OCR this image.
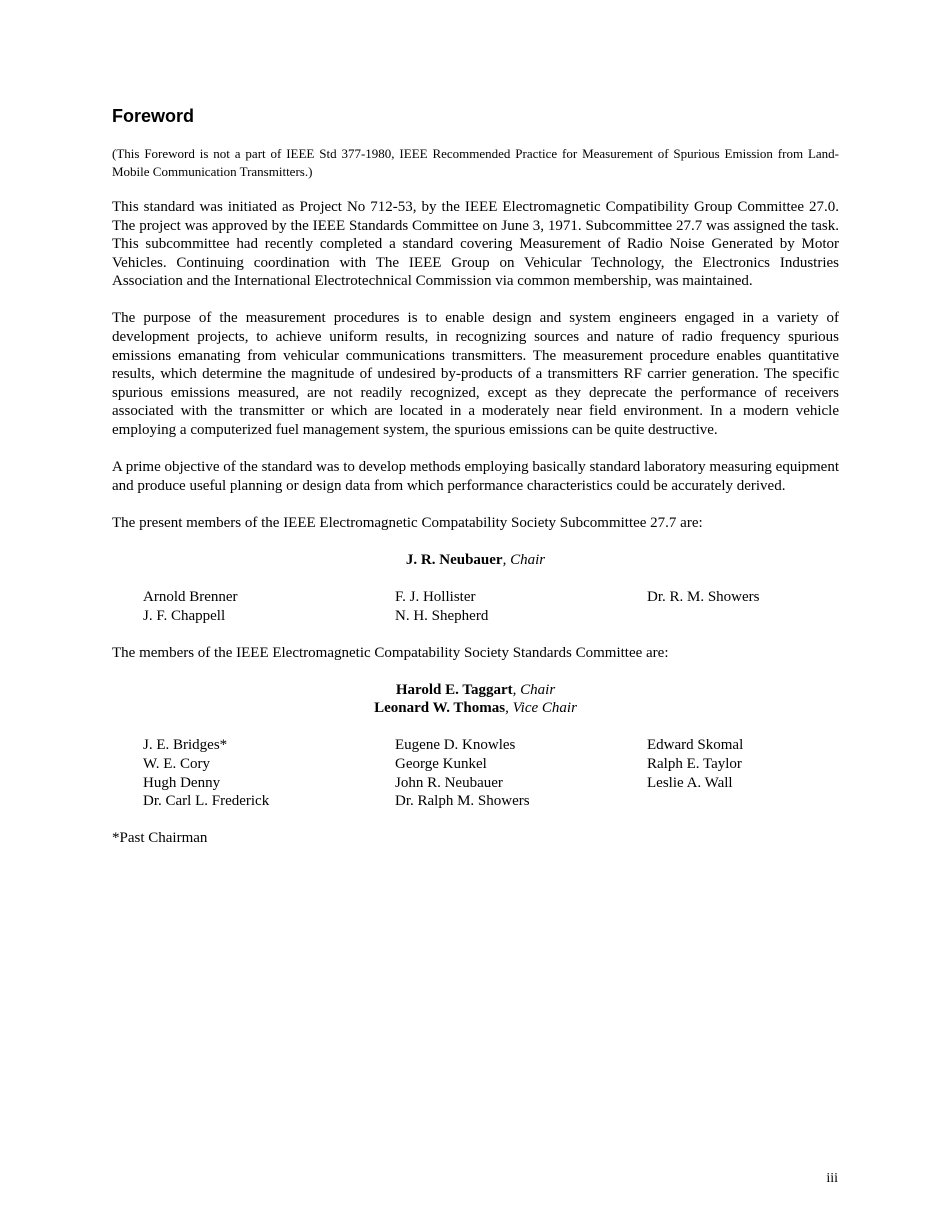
Foreword

(This Foreword is not a part of IEEE Std 377-1980, IEEE Recommended Practice for Measurement of Spurious Emission from Land-Mobile Communication Transmitters.)

This standard was initiated as Project No 712-53, by the IEEE Electromagnetic Compatibility Group Committee 27.0. The project was approved by the IEEE Standards Committee on June 3, 1971. Subcommittee 27.7 was assigned the task. This subcommittee had recently completed a standard covering Measurement of Radio Noise Generated by Motor Vehicles. Continuing coordination with The IEEE Group on Vehicular Technology, the Electronics Industries Association and the International Electrotechnical Commission via common membership, was maintained.

The purpose of the measurement procedures is to enable design and system engineers engaged in a variety of development projects, to achieve uniform results, in recognizing sources and nature of radio frequency spurious emissions emanating from vehicular communications transmitters. The measurement procedure enables quantitative results, which determine the magnitude of undesired by-products of a transmitters RF carrier generation. The specific spurious emissions measured, are not readily recognized, except as they deprecate the performance of receivers associated with the transmitter or which are located in a moderately near field environment. In a modern vehicle employing a computerized fuel management system, the spurious emissions can be quite destructive.

A prime objective of the standard was to develop methods employing basically standard laboratory measuring equipment and produce useful planning or design data from which performance characteristics could be accurately derived.

The present members of the IEEE Electromagnetic Compatability Society Subcommittee 27.7 are:

J. R. Neubauer, Chair
Arnold Brenner	F. J. Hollister	Dr. R. M. Showers
J. F. Chappell	N. H. Shepherd

The members of the IEEE Electromagnetic Compatability Society Standards Committee are:

Harold E. Taggart, Chair
Leonard W. Thomas, Vice Chair
J. E. Bridges*	Eugene D. Knowles	Edward Skomal
W. E. Cory	George Kunkel	Ralph E. Taylor
Hugh Denny	John R. Neubauer	Leslie A. Wall
Dr. Carl L. Frederick	Dr. Ralph M. Showers

*Past Chairman

iii
